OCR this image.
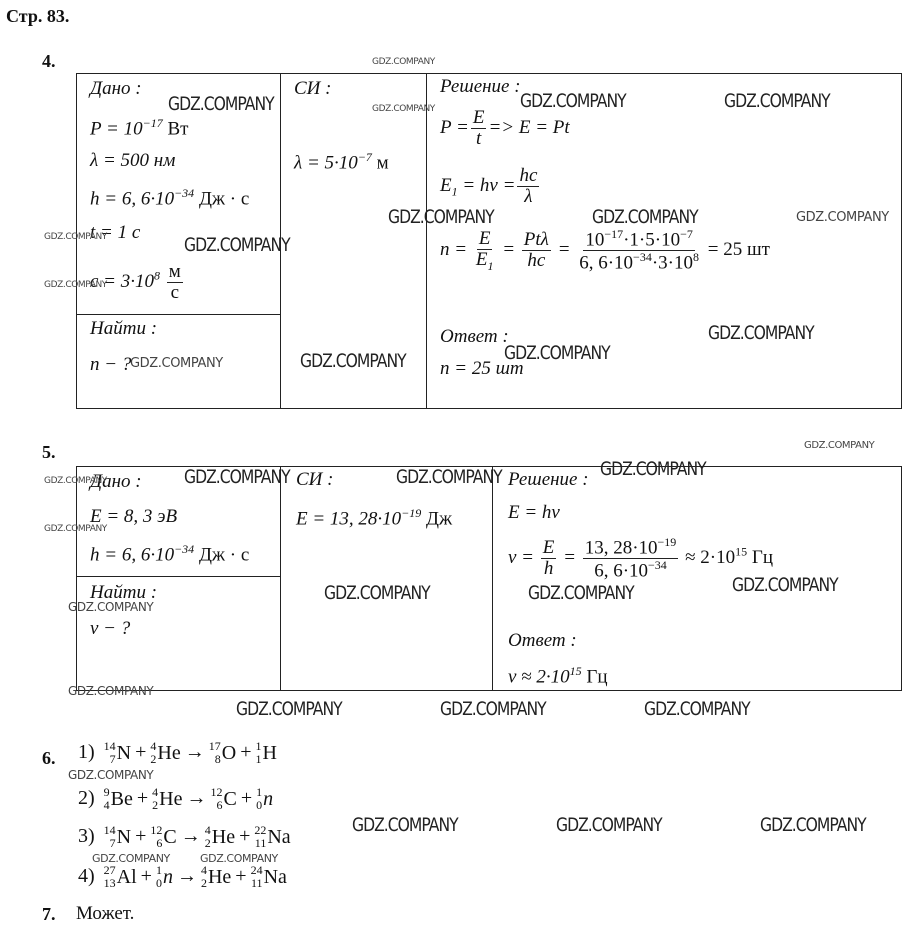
Стр. 83.
4.

Дано :
$P = 10^{-17}$ Вт
λ = 500 нм
h = 6, $6\cdot 10^{-34}$ Дж · с
t = 1 с
$c = 3\cdot 10^8 \frac{м}{с}$
Найти :
n − ?
СИ :
$\lambda = 5\cdot 10^{-7}$ м
Решение :
$P = \frac{E}{t} => E = Pt$
$E_1 = h\nu = \frac{hc}{\lambda}$
$n = \frac{E}{E_1} = \frac{\text{Ptλ}}{hc} = \frac{10^{-17}\cdot 1\cdot 5\cdot 10^{-7}}{6, 6\cdot 10^{-34}\cdot 3\cdot 10^8} = 25$ шт
Ответ :
n = 25 шт
5.

Дано :
E = 8, 3 эВ
h = 6, $6\cdot 10^{-34}$ Дж · с
Найти :
ν − ?
СИ :
E = 13, $28\cdot 10^{-19}$ Дж
Решение :
E = hν
$\nu = \frac{E}{h} = \frac{13, 28\cdot 10^{-19}}{6, 6\cdot 10^{-34}} \approx 2\cdot 10^{15}$ Гц
Ответ :
$\nu \approx 2\cdot 10^{15}$ Гц
6. 1) 14
7 N + 4
2 He → 17
8 O + 1
1 H
2) 9
4 Be + 4
2 He → 12
6 C + 1
0 n
3) 14
7 N + 12
6 C → 4
2 He + 22
11 Na
4) 27
13 Al + 1
0 n → 4
2 He + 24
11 Na
7. Может.
GDZ.COMPANY	GDZ.COMPANY	GDZ.COMPANY
GDZ.COMPANY	GDZ.COMPANY
GDZ.COMPANY
GDZ.COMPANY
GDZ.COMPANY
GDZ.COMPANY
GDZ.COMPANY	GDZ.COMPANY	GDZ.COMPANY
GDZ.COMPANY
GDZ.COMPANY	GDZ.COMPANY
GDZ.COMPANY	GDZ.COMPANY	GDZ.COMPANY
GDZ.COMPANY	GDZ.COMPANY	GDZ.COMPANY
GDZ.COMPANY
GDZ.COMPANY
GDZ.COMPANY
GDZ.COMPANY
GDZ.COMPANY
GDZ.COMPANY
GDZ.COMPANY
GDZ.COMPANY
GDZ.COMPANY
GDZ.COMPANY
GDZ.COMPANY
GDZ.COMPANY
GDZ.COMPANY	GDZ.COMPANY
